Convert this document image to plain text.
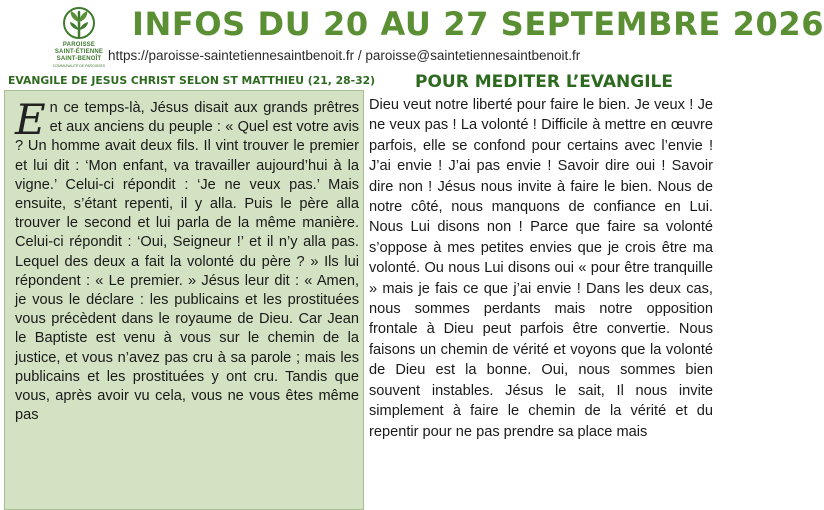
PAROISSE
SAINT-ÉTIENNE
SAINT-BENOÎT
COMMUNAUTÉ DE PAROISSES
INFOS DU 20 AU 27 SEPTEMBRE 2026
https://paroisse-saintetiennesaintbenoit.fr / paroisse@saintetiennesaintbenoit.fr
EVANGILE DE JESUS CHRIST SELON ST MATTHIEU (21, 28-32)	POUR MEDITER L’EVANGILE
En ce temps-là, Jésus disait aux grands prêtres et aux anciens du peuple : « Quel est votre avis ? Un homme avait deux fils. Il vint trouver le premier et lui dit : ‘Mon enfant, va travailler aujourd’hui à la vigne.’ Celui-ci répondit : ‘Je ne veux pas.’ Mais ensuite, s’étant repenti, il y alla. Puis le père alla trouver le second et lui parla de la même manière. Celui-ci répondit : ‘Oui, Seigneur !’ et il n’y alla pas. Lequel des deux a fait la volonté du père ? » Ils lui répondent : « Le premier. » Jésus leur dit : « Amen, je vous le déclare : les publicains et les prostituées vous précèdent dans le royaume de Dieu. Car Jean le Baptiste est venu à vous sur le chemin de la justice, et vous n’avez pas cru à sa parole ; mais les publicains et les prostituées y ont cru. Tandis que vous, après avoir vu cela, vous ne vous êtes même pas
Dieu veut notre liberté pour faire le bien. Je veux ! Je ne veux pas ! La volonté ! Difficile à mettre en œuvre parfois, elle se confond pour certains avec l’envie ! J’ai envie ! J’ai pas envie ! Savoir dire oui ! Savoir dire non ! Jésus nous invite à faire le bien. Nous de notre côté, nous manquons de confiance en Lui. Nous Lui disons non ! Parce que faire sa volonté s’oppose à mes petites envies que je crois être ma volonté. Ou nous Lui disons oui « pour être tranquille » mais je fais ce que j’ai envie ! Dans les deux cas, nous sommes perdants mais notre opposition frontale à Dieu peut parfois être convertie. Nous faisons un chemin de vérité et voyons que la volonté de Dieu est la bonne. Oui, nous sommes bien souvent instables. Jésus le sait, Il nous invite simplement à faire le chemin de la vérité et du repentir pour ne pas prendre sa place mais
